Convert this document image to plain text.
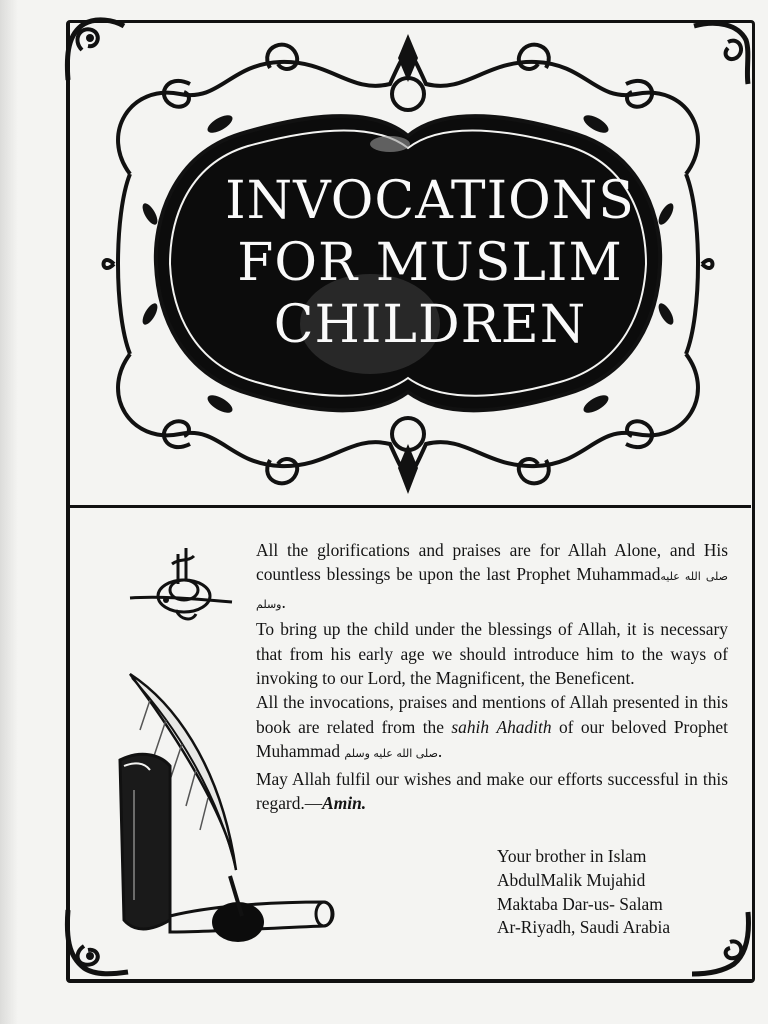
INVOCATIONS
FOR MUSLIM
CHILDREN

All the glorifications and praises are for Allah Alone, and His countless blessings be upon the last Prophet Muhammadصلى الله عليه وسلم.

To bring up the child under the blessings of Allah, it is necessary that from his early age we should introduce him to the ways of invoking to our Lord, the Magnificent, the Beneficent.

All the invocations, praises and mentions of Allah presented in this book are related from the sahih Ahadith of our beloved Prophet Muhammad صلى الله عليه وسلم.

May Allah fulfil our wishes and make our efforts successful in this regard.—Amin.

Your brother in Islam
AbdulMalik Mujahid
Maktaba Dar-us- Salam
Ar-Riyadh, Saudi Arabia
